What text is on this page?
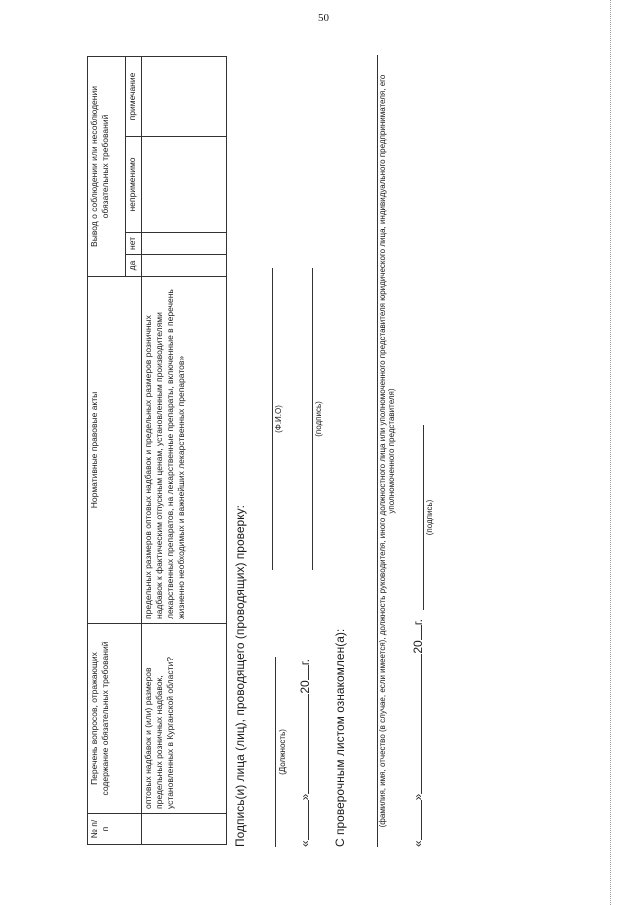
50
№ п/п	Перечень вопросов, отражающих содержание обязательных требований	Нормативные правовые акты	Вывод о соблюдении или несоблюдении обязательных требований			
			да	нет	неприменимо	примечание
	оптовых надбавок и (или) размеров предельных розничных надбавок, установленных в Курганской области?	предельных размеров оптовых надбавок и предельных размеров розничных надбавок к фактическим отпускным ценам, установленным производителями лекарственных препаратов, на лекарственные препараты, включенные в перечень жизненно необходимых и важнейших лекарственных препаратов»				
Подпись(и) лица (лиц), проводящего (проводящих) проверку:
(Ф.И.О)
(Должность)
«»20г.
(подпись)
С проверочным листом ознакомлен(а):	(фамилия, имя, отчество (в случае, если имеется), должность руководителя, иного должностного лица или уполномоченного представителя юридического лица, индивидуального предпринимателя, его уполномоченного представителя)
«»20г.
(подпись)
